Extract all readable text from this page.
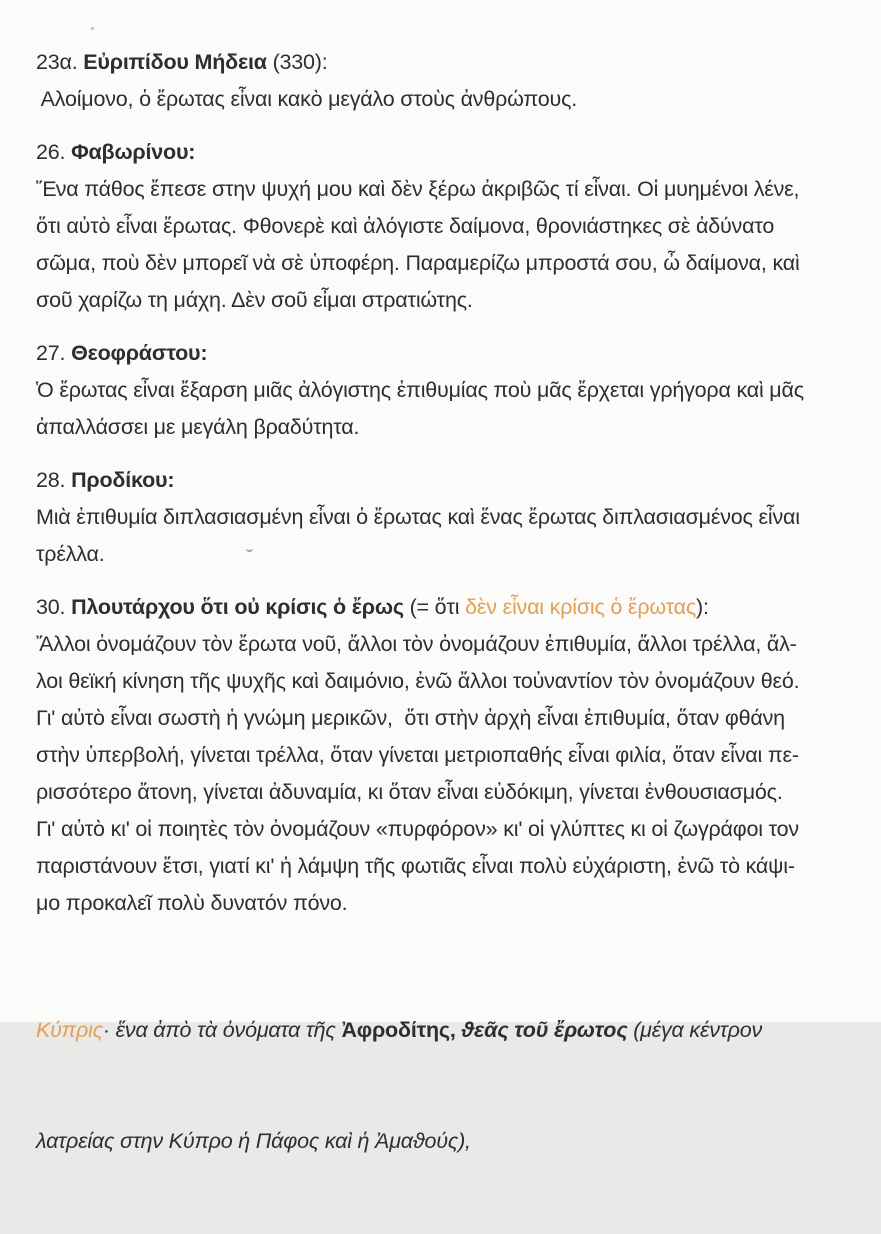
23α. Εὐριπίδου Μήδεια (330):
Αλοίμονο, ὁ ἔρωτας εἶναι κακὸ μεγάλο στοὺς ἀνθρώπους.
26. Φαβωρίνου:
Ἕνα πάθος ἔπεσε στην ψυχή μου καὶ δὲν ξέρω ἀκριβῶς τί εἶναι. Οἱ μυημένοι λένε,
ὅτι αὐτὸ εἶναι ἔρωτας. Φθονερὲ καὶ ἀλόγιστε δαίμονα, θρονιάστηκες σὲ ἀδύνατο
σῶμα, ποὺ δὲν μπορεῖ νὰ σὲ ὑποφέρη. Παραμερίζω μπροστά σου, ὦ δαίμονα, καὶ
σοῦ χαρίζω τη μάχη. Δὲν σοῦ εἶμαι στρατιώτης.
27. Θεοφράστου:
Ὁ ἔρωτας εἶναι ἔξαρση μιᾶς ἀλόγιστης ἐπιθυμίας ποὺ μᾶς ἔρχεται γρήγορα καὶ μᾶς
ἀπαλλάσσει με μεγάλη βραδύτητα.
28. Προδίκου:
Μιὰ ἐπιθυμία διπλασιασμένη εἶναι ὁ ἔρωτας καὶ ἕνας ἔρωτας διπλασιασμένος εἶναι
τρέλλα.
30. Πλουτάρχου ὅτι οὐ κρίσις ὁ ἔρως (= ὅτι δὲν εἶναι κρίσις ὁ ἔρωτας):
Ἄλλοι ὀνομάζουν τὸν ἔρωτα νοῦ, ἄλλοι τὸν ὀνομάζουν ἐπιθυμία, ἄλλοι τρέλλα, ἄλ-
λοι θεϊκή κίνηση τῆς ψυχῆς καὶ δαιμόνιο, ἐνῶ ἄλλοι τοὐναντίον τὸν ὀνομάζουν θεό.
Γι' αὐτὸ εἶναι σωστὴ ἡ γνώμη μερικῶν,  ὅτι στὴν ἀρχὴ εἶναι ἐπιθυμία, ὅταν φθάνη
στὴν ὑπερβολή, γίνεται τρέλλα, ὅταν γίνεται μετριοπαθής εἶναι φιλία, ὅταν εἶναι πε-
ρισσότερο ἄτονη, γίνεται ἀδυναμία, κι ὅταν εἶναι εὐδόκιμη, γίνεται ἐνθουσιασμός.
Γι' αὐτὸ κι' οἱ ποιητὲς τὸν ὀνομάζουν «πυρφόρον» κι' οἱ γλύπτες κι οἱ ζωγράφοι τον
παριστάνουν ἔτσι, γιατί κι' ἡ λάμψη τῆς φωτιᾶς εἶναι πολὺ εὐχάριστη, ἐνῶ τὸ κάψι-
μο προκαλεῖ πολὺ δυνατόν πόνο.

Κύπρις· ἕνα ἀπὸ τὰ ὀνόματα τῆς Ἀφροδίτης, ϑεᾶς τοῦ ἔρωτος (μέγα κέντρον

λατρείας στην Κύπρο ἡ Πάφος καὶ ἡ Ἀμαϑούς),
